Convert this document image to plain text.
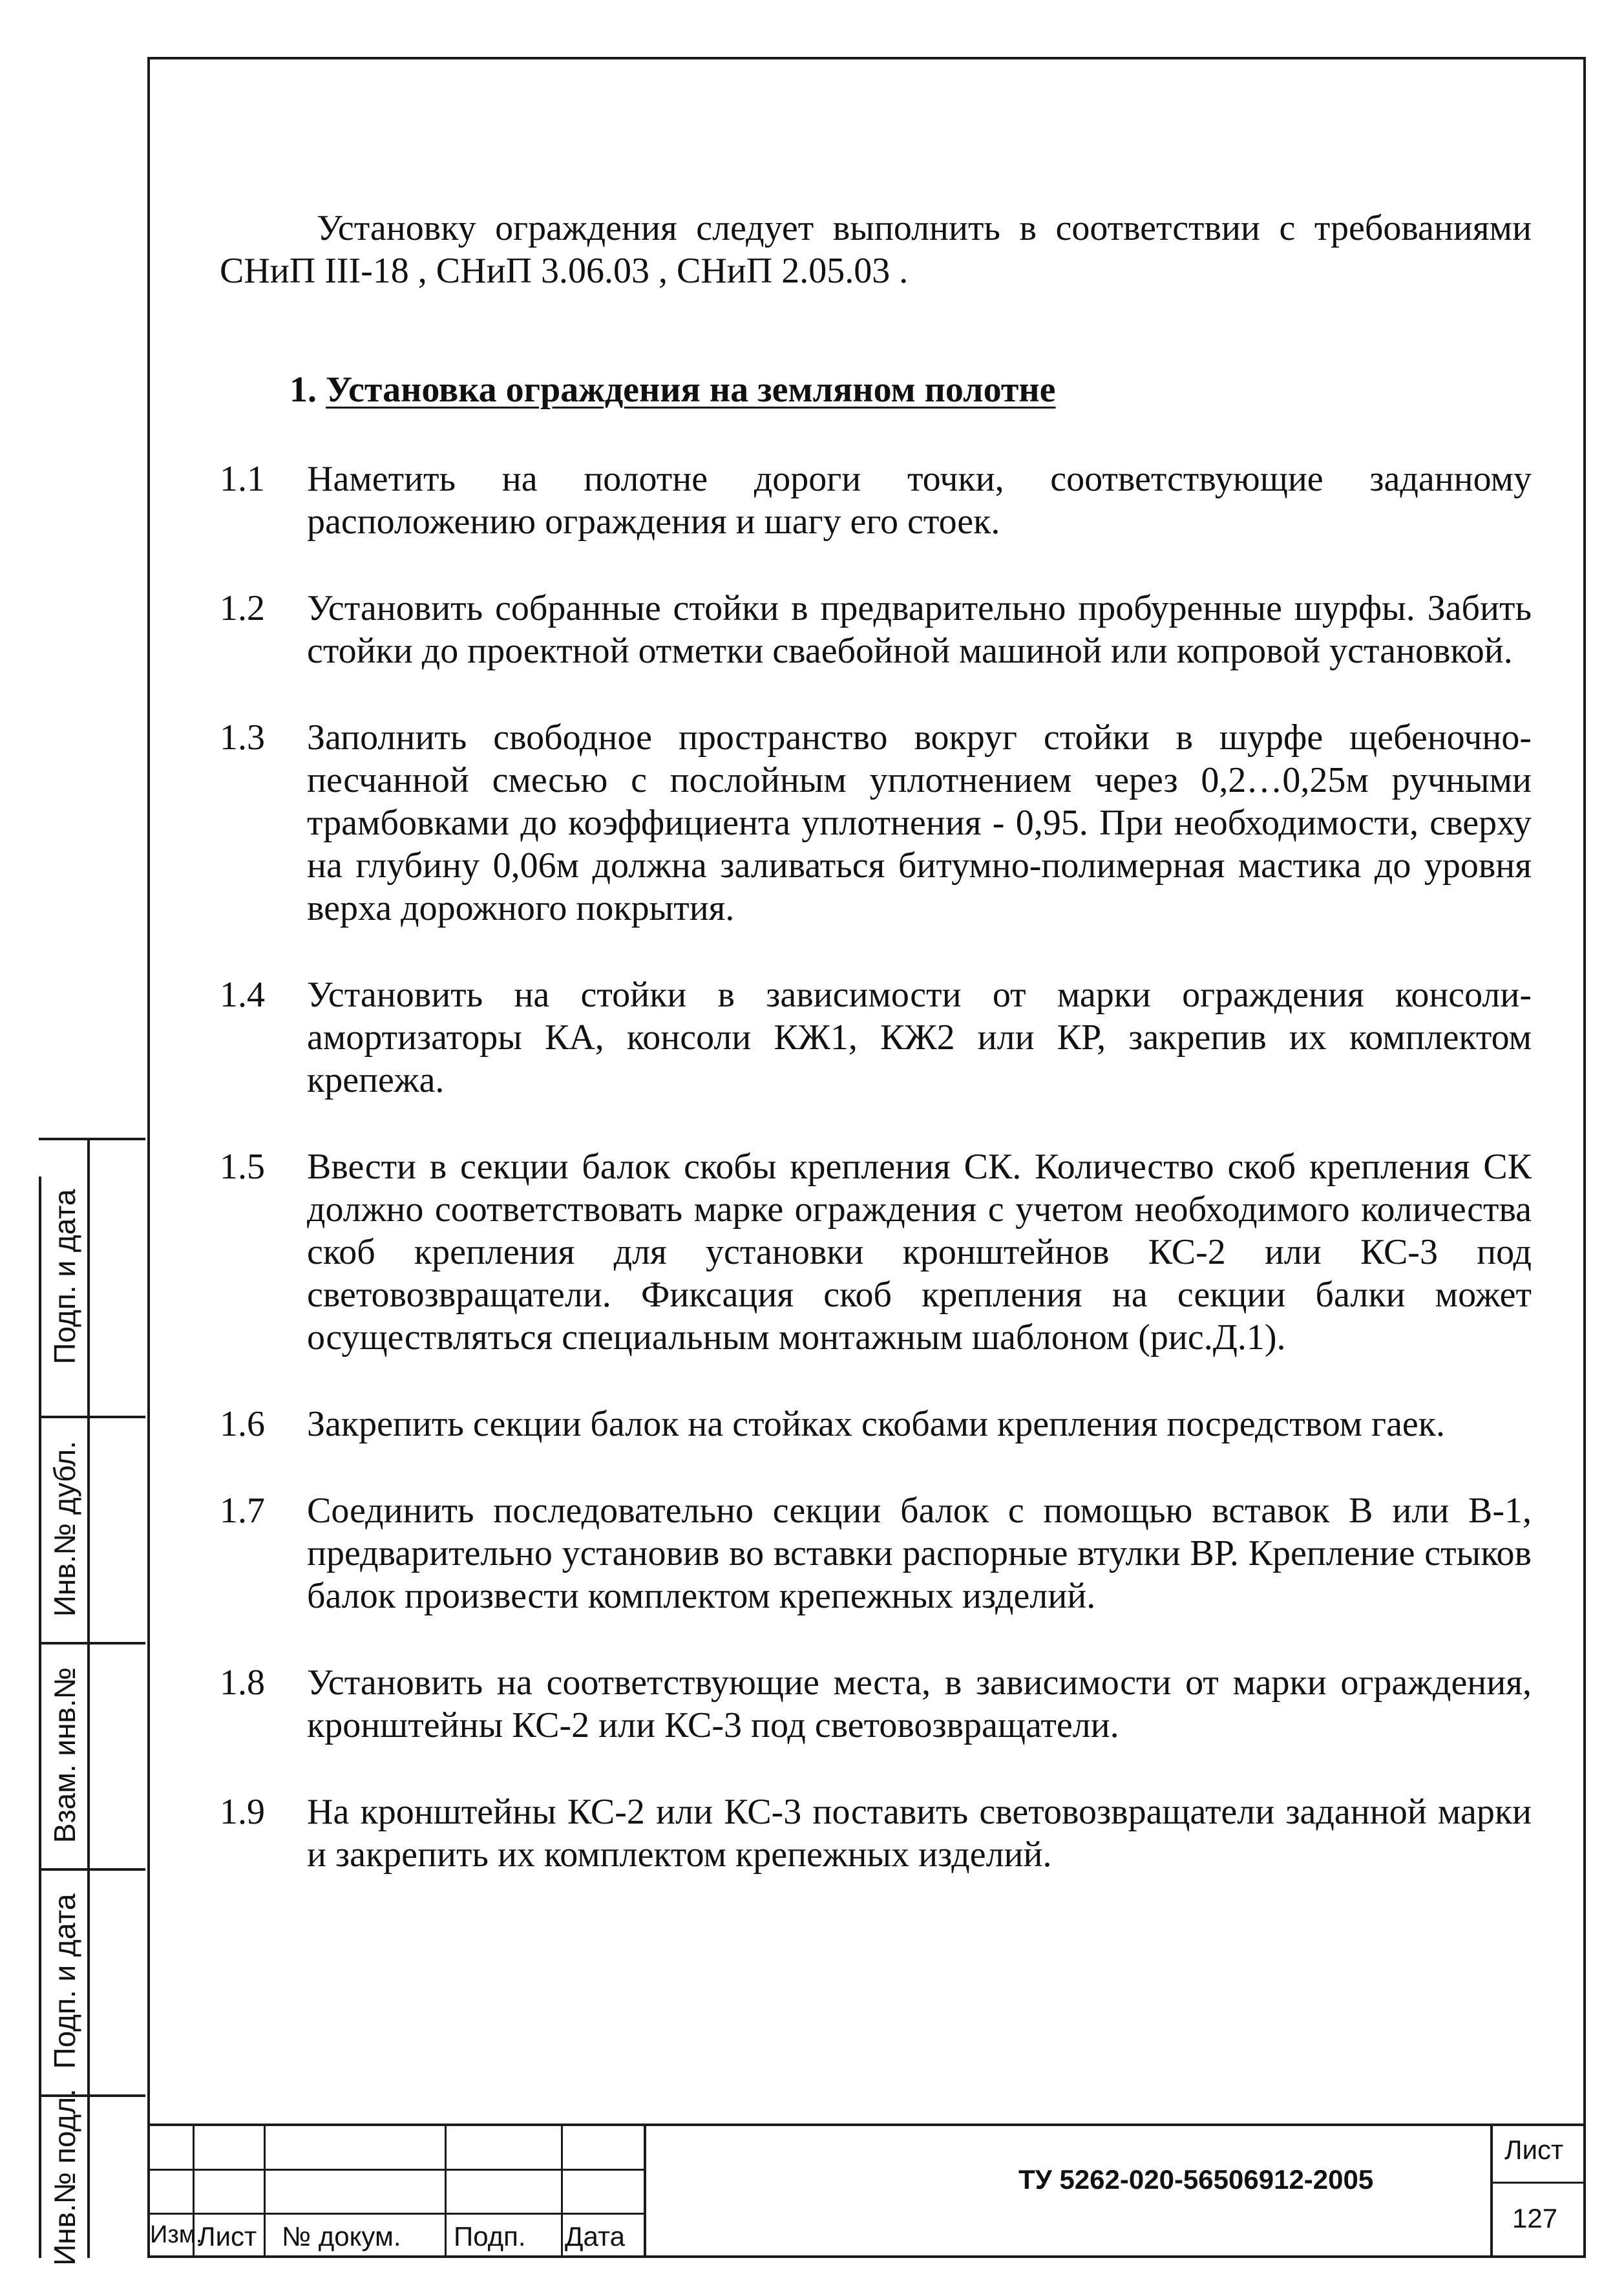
Установку ограждения следует выполнить в соответствии с требованиями СНиП III-18 , СНиП 3.06.03 , СНиП 2.05.03 .

1. Установка ограждения на земляном полотне
1.1	Наметить на полотне дороги точки, соответствующие заданному расположению ограждения и шагу его стоек.
1.2	Установить собранные стойки в предварительно пробуренные шурфы. Забить стойки до проектной отметки сваебойной машиной или копровой установкой.
1.3	Заполнить свободное пространство вокруг стойки в шурфе щебеночно-песчанной смесью с послойным уплотнением через 0,2…0,25м ручными трамбовками до коэффициента уплотнения - 0,95. При необходимости, сверху на глубину 0,06м должна заливаться битумно-полимерная мастика до уровня верха дорожного покрытия.
1.4	Установить на стойки в зависимости от марки ограждения консоли-амортизаторы КА, консоли КЖ1, КЖ2 или КР, закрепив их комплектом крепежа.
1.5	Ввести в секции балок скобы крепления СК. Количество скоб крепления СК должно соответствовать марке ограждения с учетом необходимого количества скоб крепления для установки кронштейнов КС-2 или КС-3 под световозвращатели. Фиксация скоб крепления на секции балки может осуществляться специальным монтажным шаблоном (рис.Д.1).
1.6	Закрепить секции балок на стойках скобами крепления посредством гаек.
1.7	Соединить последовательно секции балок с помощью вставок В или В-1, предварительно установив во вставки распорные втулки ВР. Крепление стыков балок произвести комплектом крепежных изделий.
1.8	Установить на соответствующие места, в зависимости от марки ограждения, кронштейны КС-2 или КС-3 под световозвращатели.
1.9	На кронштейны КС-2 или КС-3 поставить световозвращатели заданной марки и закрепить их комплектом крепежных изделий.
Подп. и дата
Инв.№ дубл.
Взам. инв.№
Подп. и дата
Инв.№ подл.	Изм.
Лист № докум. Подп. Дата
ТУ 5262-020-56506912-2005
Лист
127
